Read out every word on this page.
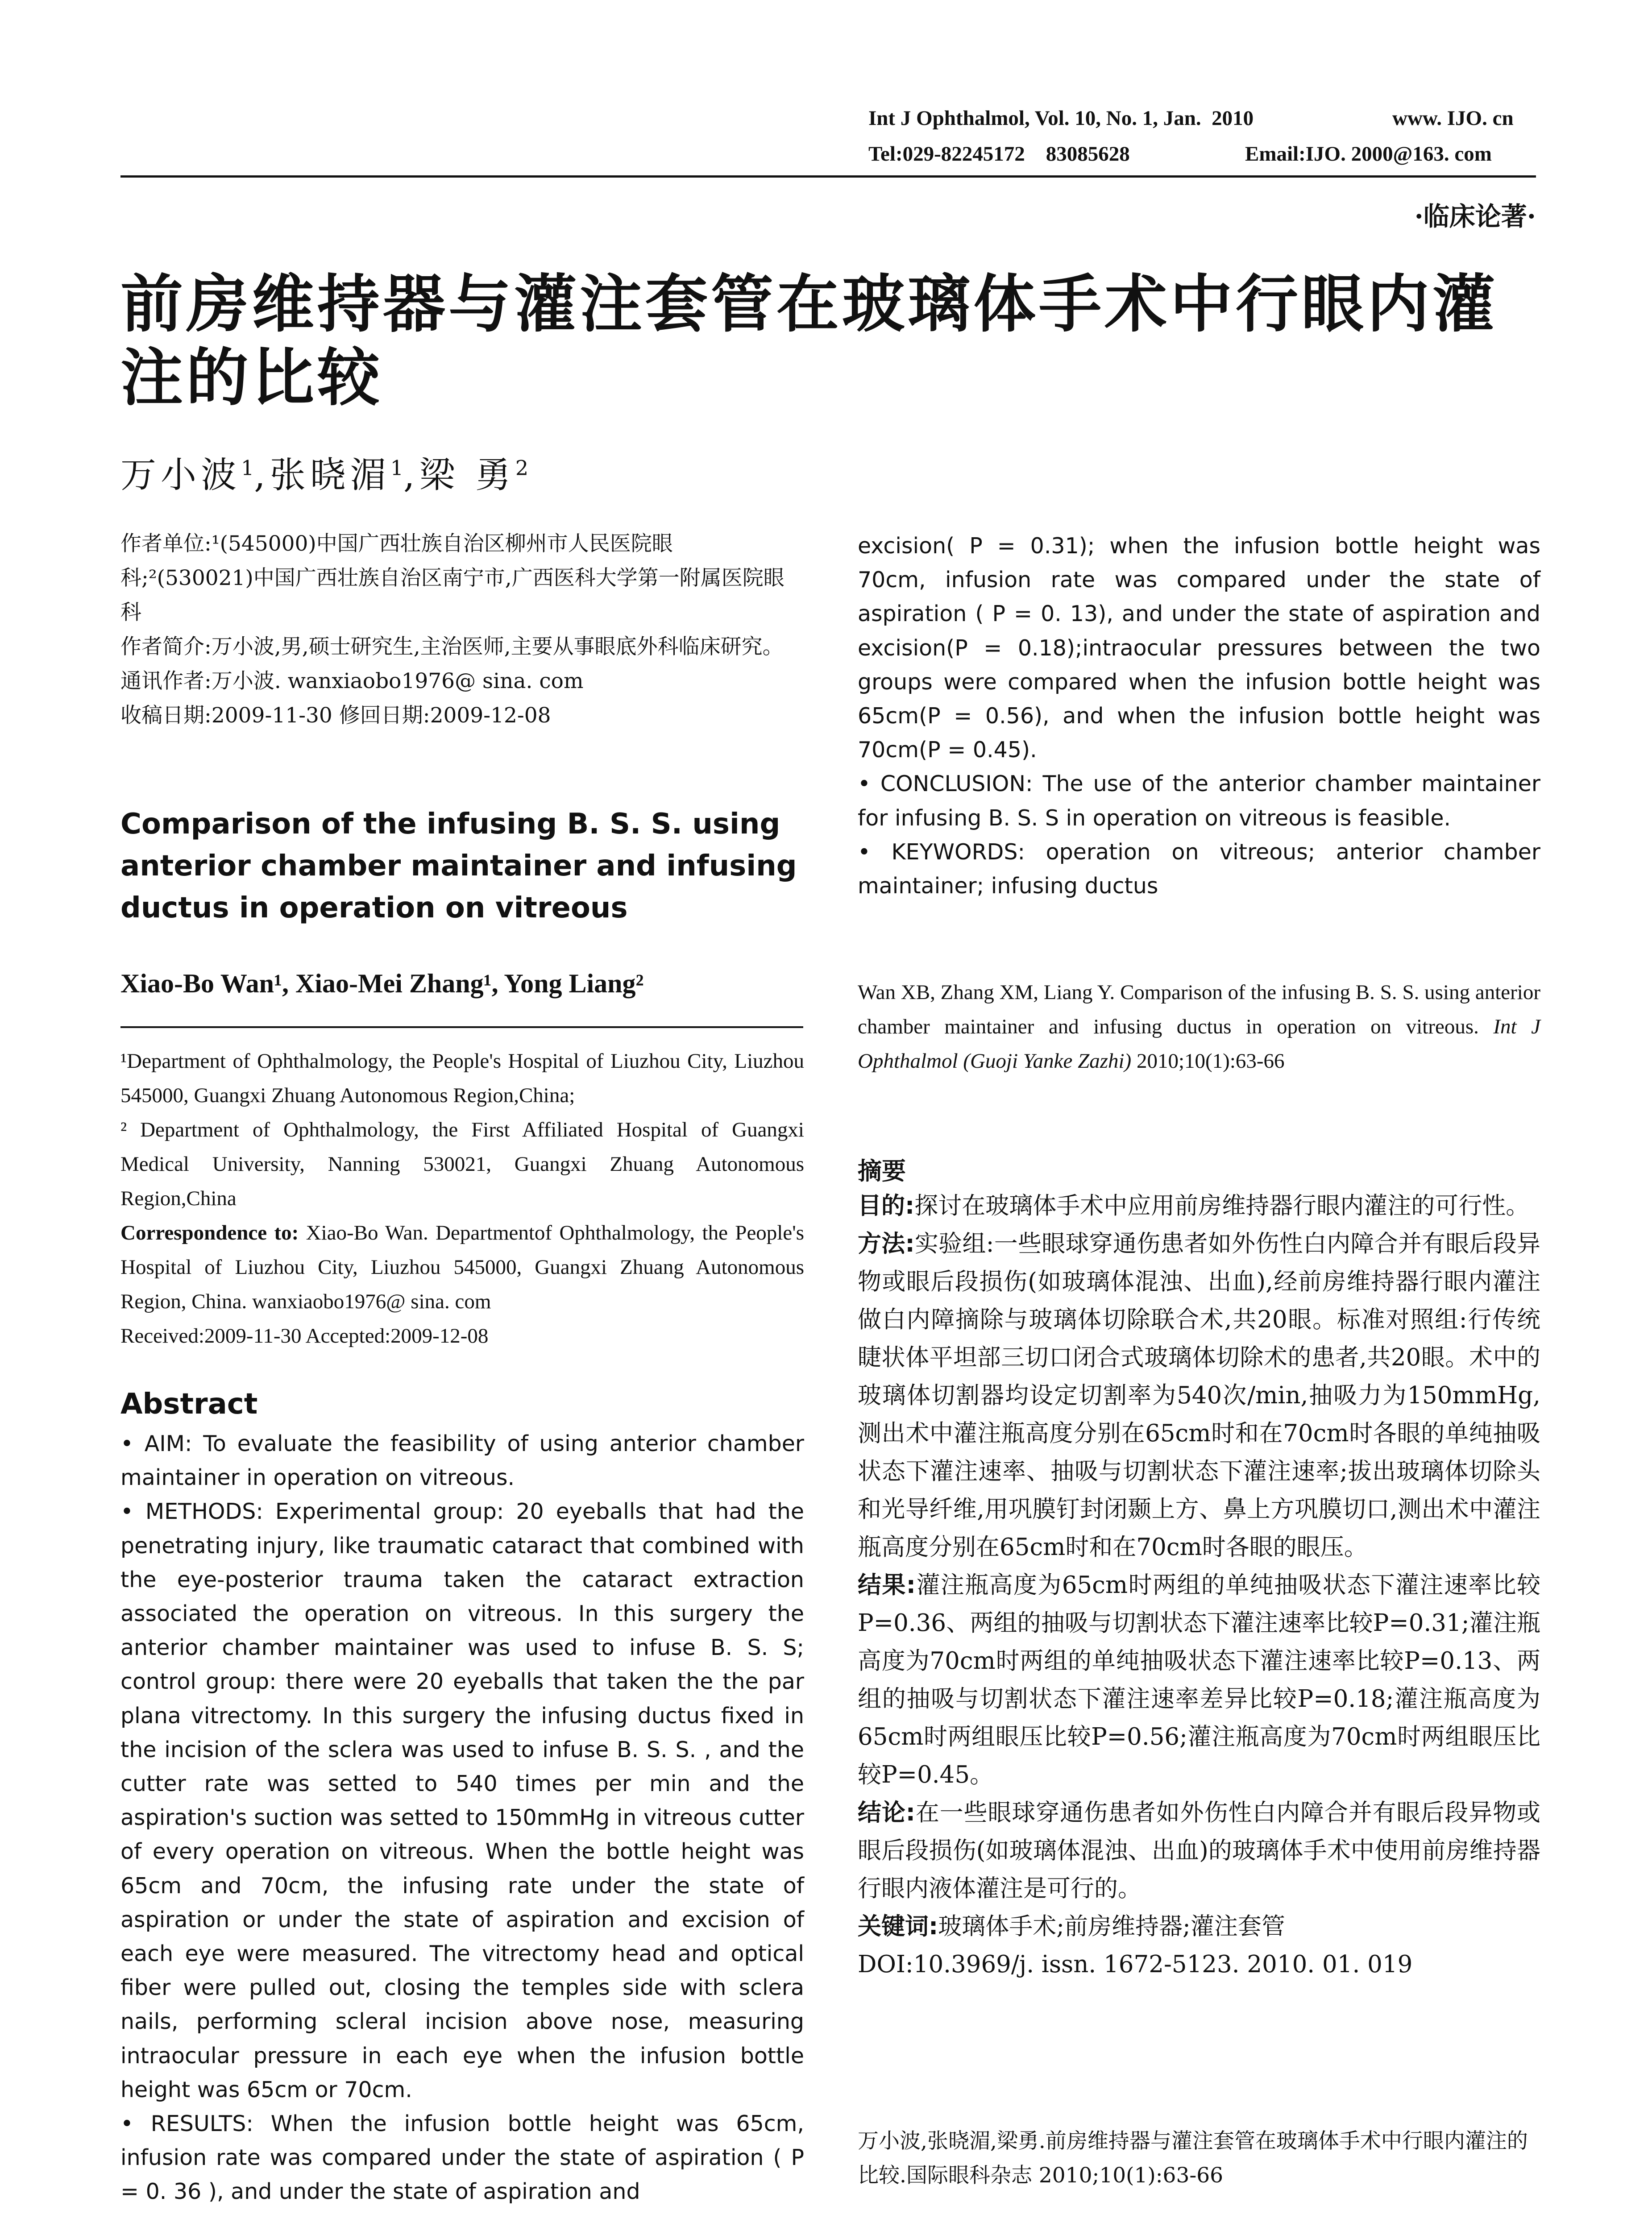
Int J Ophthalmol, Vol. 10, No. 1, Jan.  2010	www. IJO. cn
Tel:029-82245172    83085628	Email:IJO. 2000@163. com
·临床论著·
前房维持器与灌注套管在玻璃体手术中行眼内灌注的比较
万小波$^1$,张晓湄$^1$,梁 勇$^2$

作者单位:¹(545000)中国广西壮族自治区柳州市人民医院眼科;²(530021)中国广西壮族自治区南宁市,广西医科大学第一附属医院眼科

作者简介:万小波,男,硕士研究生,主治医师,主要从事眼底外科临床研究。

通讯作者:万小波. wanxiaobo1976@ sina. com

收稿日期:2009-11-30 修回日期:2009-12-08

Comparison of the infusing B. S. S. using anterior chamber maintainer and infusing ductus in operation on vitreous
Xiao-Bo Wan¹, Xiao-Mei Zhang¹, Yong Liang²

¹Department of Ophthalmology, the People's Hospital of Liuzhou City, Liuzhou 545000, Guangxi Zhuang Autonomous Region,China;

² Department of Ophthalmology, the First Affiliated Hospital of Guangxi Medical University, Nanning 530021, Guangxi Zhuang Autonomous Region,China

Correspondence to: Xiao-Bo Wan. Departmentof Ophthalmology, the People's Hospital of Liuzhou City, Liuzhou 545000, Guangxi Zhuang Autonomous Region, China. wanxiaobo1976@ sina. com

Received:2009-11-30 Accepted:2009-12-08

Abstract

• AIM: To evaluate the feasibility of using anterior chamber maintainer in operation on vitreous.

• METHODS: Experimental group: 20 eyeballs that had the penetrating injury, like traumatic cataract that combined with the eye-posterior trauma taken the cataract extraction associated the operation on vitreous. In this surgery the anterior chamber maintainer was used to infuse B. S. S; control group: there were 20 eyeballs that taken the the par plana vitrectomy. In this surgery the infusing ductus fixed in the incision of the sclera was used to infuse B. S. S. , and the cutter rate was setted to 540 times per min and the aspiration's suction was setted to 150mmHg in vitreous cutter of every operation on vitreous. When the bottle height was 65cm and 70cm, the infusing rate under the state of aspiration or under the state of aspiration and excision of each eye were measured. The vitrectomy head and optical fiber were pulled out, closing the temples side with sclera nails, performing scleral incision above nose, measuring intraocular pressure in each eye when the infusion bottle height was 65cm or 70cm.

• RESULTS: When the infusion bottle height was 65cm, infusion rate was compared under the state of aspiration ( P = 0. 36 ), and under the state of aspiration and

excision( P = 0.31); when the infusion bottle height was 70cm, infusion rate was compared under the state of aspiration ( P = 0. 13), and under the state of aspiration and excision(P = 0.18);intraocular pressures between the two groups were compared when the infusion bottle height was 65cm(P = 0.56), and when the infusion bottle height was 70cm(P = 0.45).

• CONCLUSION: The use of the anterior chamber maintainer for infusing B. S. S in operation on vitreous is feasible.

• KEYWORDS: operation on vitreous; anterior chamber maintainer; infusing ductus

Wan XB, Zhang XM, Liang Y. Comparison of the infusing B. S. S. using anterior chamber maintainer and infusing ductus in operation on vitreous. Int J Ophthalmol (Guoji Yanke Zazhi) 2010;10(1):63-66
摘要

目的:探讨在玻璃体手术中应用前房维持器行眼内灌注的可行性。

方法:实验组:一些眼球穿通伤患者如外伤性白内障合并有眼后段异物或眼后段损伤(如玻璃体混浊、出血),经前房维持器行眼内灌注做白内障摘除与玻璃体切除联合术,共20眼。标准对照组:行传统睫状体平坦部三切口闭合式玻璃体切除术的患者,共20眼。术中的玻璃体切割器均设定切割率为540次/min,抽吸力为150mmHg,测出术中灌注瓶高度分别在65cm时和在70cm时各眼的单纯抽吸状态下灌注速率、抽吸与切割状态下灌注速率;拔出玻璃体切除头和光导纤维,用巩膜钉封闭颞上方、鼻上方巩膜切口,测出术中灌注瓶高度分别在65cm时和在70cm时各眼的眼压。

结果:灌注瓶高度为65cm时两组的单纯抽吸状态下灌注速率比较P=0.36、两组的抽吸与切割状态下灌注速率比较P=0.31;灌注瓶高度为70cm时两组的单纯抽吸状态下灌注速率比较P=0.13、两组的抽吸与切割状态下灌注速率差异比较P=0.18;灌注瓶高度为65cm时两组眼压比较P=0.56;灌注瓶高度为70cm时两组眼压比较P=0.45。

结论:在一些眼球穿通伤患者如外伤性白内障合并有眼后段异物或眼后段损伤(如玻璃体混浊、出血)的玻璃体手术中使用前房维持器行眼内液体灌注是可行的。

关键词:玻璃体手术;前房维持器;灌注套管

DOI:10.3969/j. issn. 1672-5123. 2010. 01. 019

万小波,张晓湄,梁勇.前房维持器与灌注套管在玻璃体手术中行眼内灌注的比较.国际眼科杂志 2010;10(1):63-66
